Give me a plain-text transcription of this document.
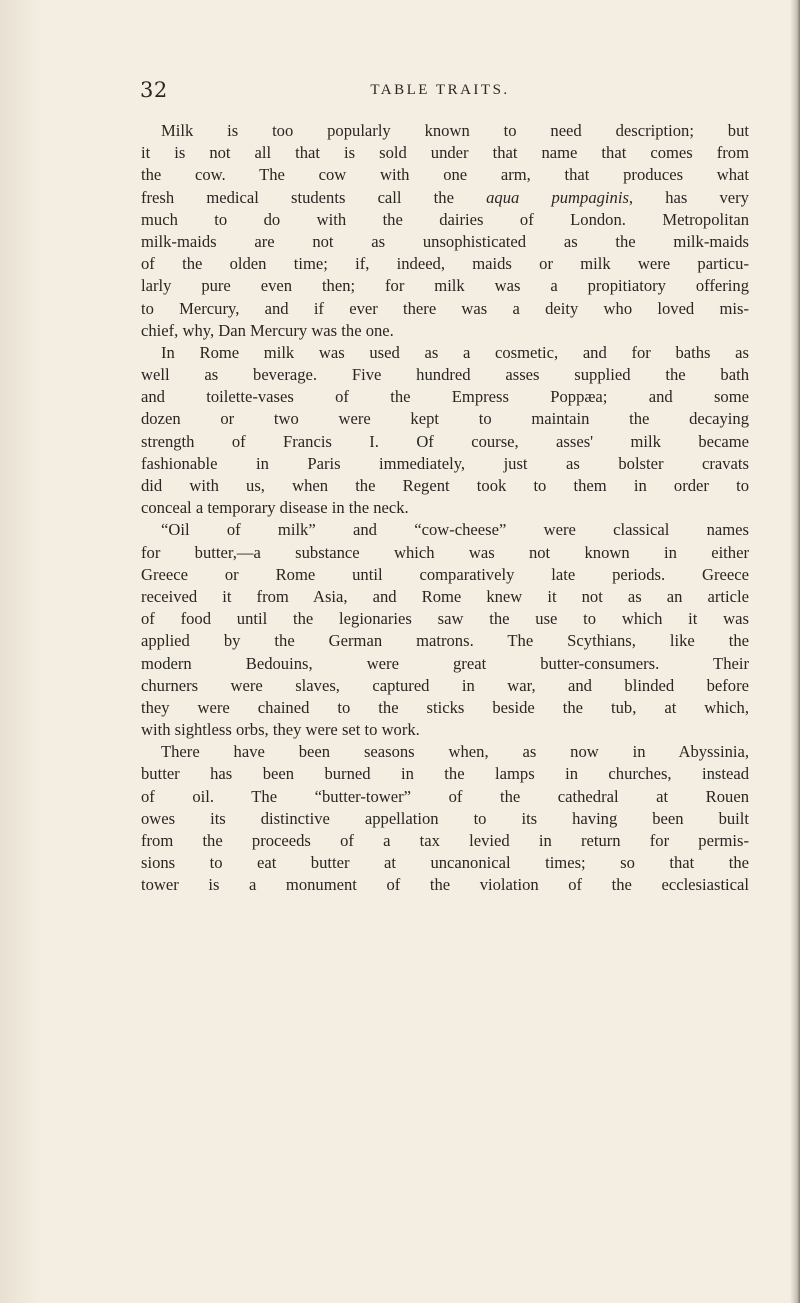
32	TABLE TRAITS.
Milk is too popularly known to need description; but
it is not all that is sold under that name that comes from
the cow. The cow with one arm, that produces what
fresh medical students call the aqua pumpaginis, has very
much to do with the dairies of London. Metropolitan
milk-maids are not as unsophisticated as the milk-maids
of the olden time; if, indeed, maids or milk were particu-
larly pure even then; for milk was a propitiatory offering
to Mercury, and if ever there was a deity who loved mis-
chief, why, Dan Mercury was the one.
In Rome milk was used as a cosmetic, and for baths as
well as beverage. Five hundred asses supplied the bath
and toilette-vases of the Empress Poppæa; and some
dozen or two were kept to maintain the decaying
strength of Francis I. Of course, asses' milk became
fashionable in Paris immediately, just as bolster cravats
did with us, when the Regent took to them in order to
conceal a temporary disease in the neck.
“Oil of milk” and “cow-cheese” were classical names
for butter,—a substance which was not known in either
Greece or Rome until comparatively late periods. Greece
received it from Asia, and Rome knew it not as an article
of food until the legionaries saw the use to which it was
applied by the German matrons. The Scythians, like the
modern Bedouins, were great butter-consumers. Their
churners were slaves, captured in war, and blinded before
they were chained to the sticks beside the tub, at which,
with sightless orbs, they were set to work.
There have been seasons when, as now in Abyssinia,
butter has been burned in the lamps in churches, instead
of oil. The “butter-tower” of the cathedral at Rouen
owes its distinctive appellation to its having been built
from the proceeds of a tax levied in return for permis-
sions to eat butter at uncanonical times; so that the
tower is a monument of the violation of the ecclesiastical
